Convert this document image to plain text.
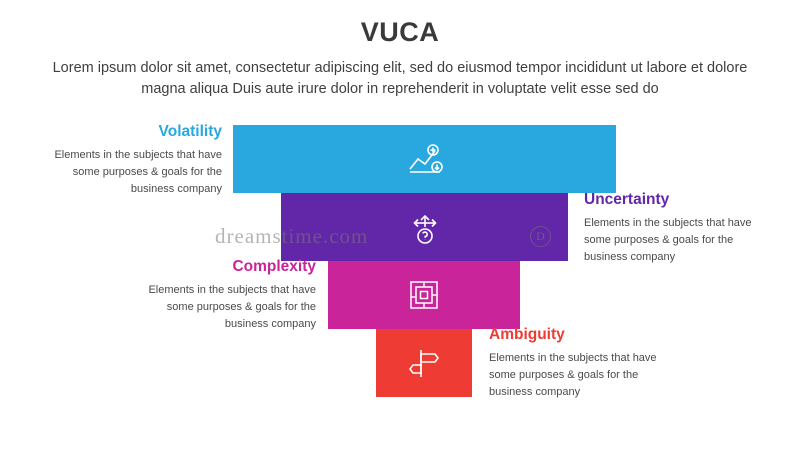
VUCA

Lorem ipsum dolor sit amet, consectetur adipiscing elit, sed do eiusmod tempor incididunt ut labore et dolore magna aliqua Duis aute irure dolor in reprehenderit in voluptate velit esse sed do

Volatility
Elements in the subjects that have some purposes & goals for the business company
Uncertainty
Elements in the subjects that have some purposes & goals for the business company
Complexity
Elements in the subjects that have some purposes & goals for the business company
Ambiguity
Elements in the subjects that have some purposes & goals for the business company
dreamstime.com	D
